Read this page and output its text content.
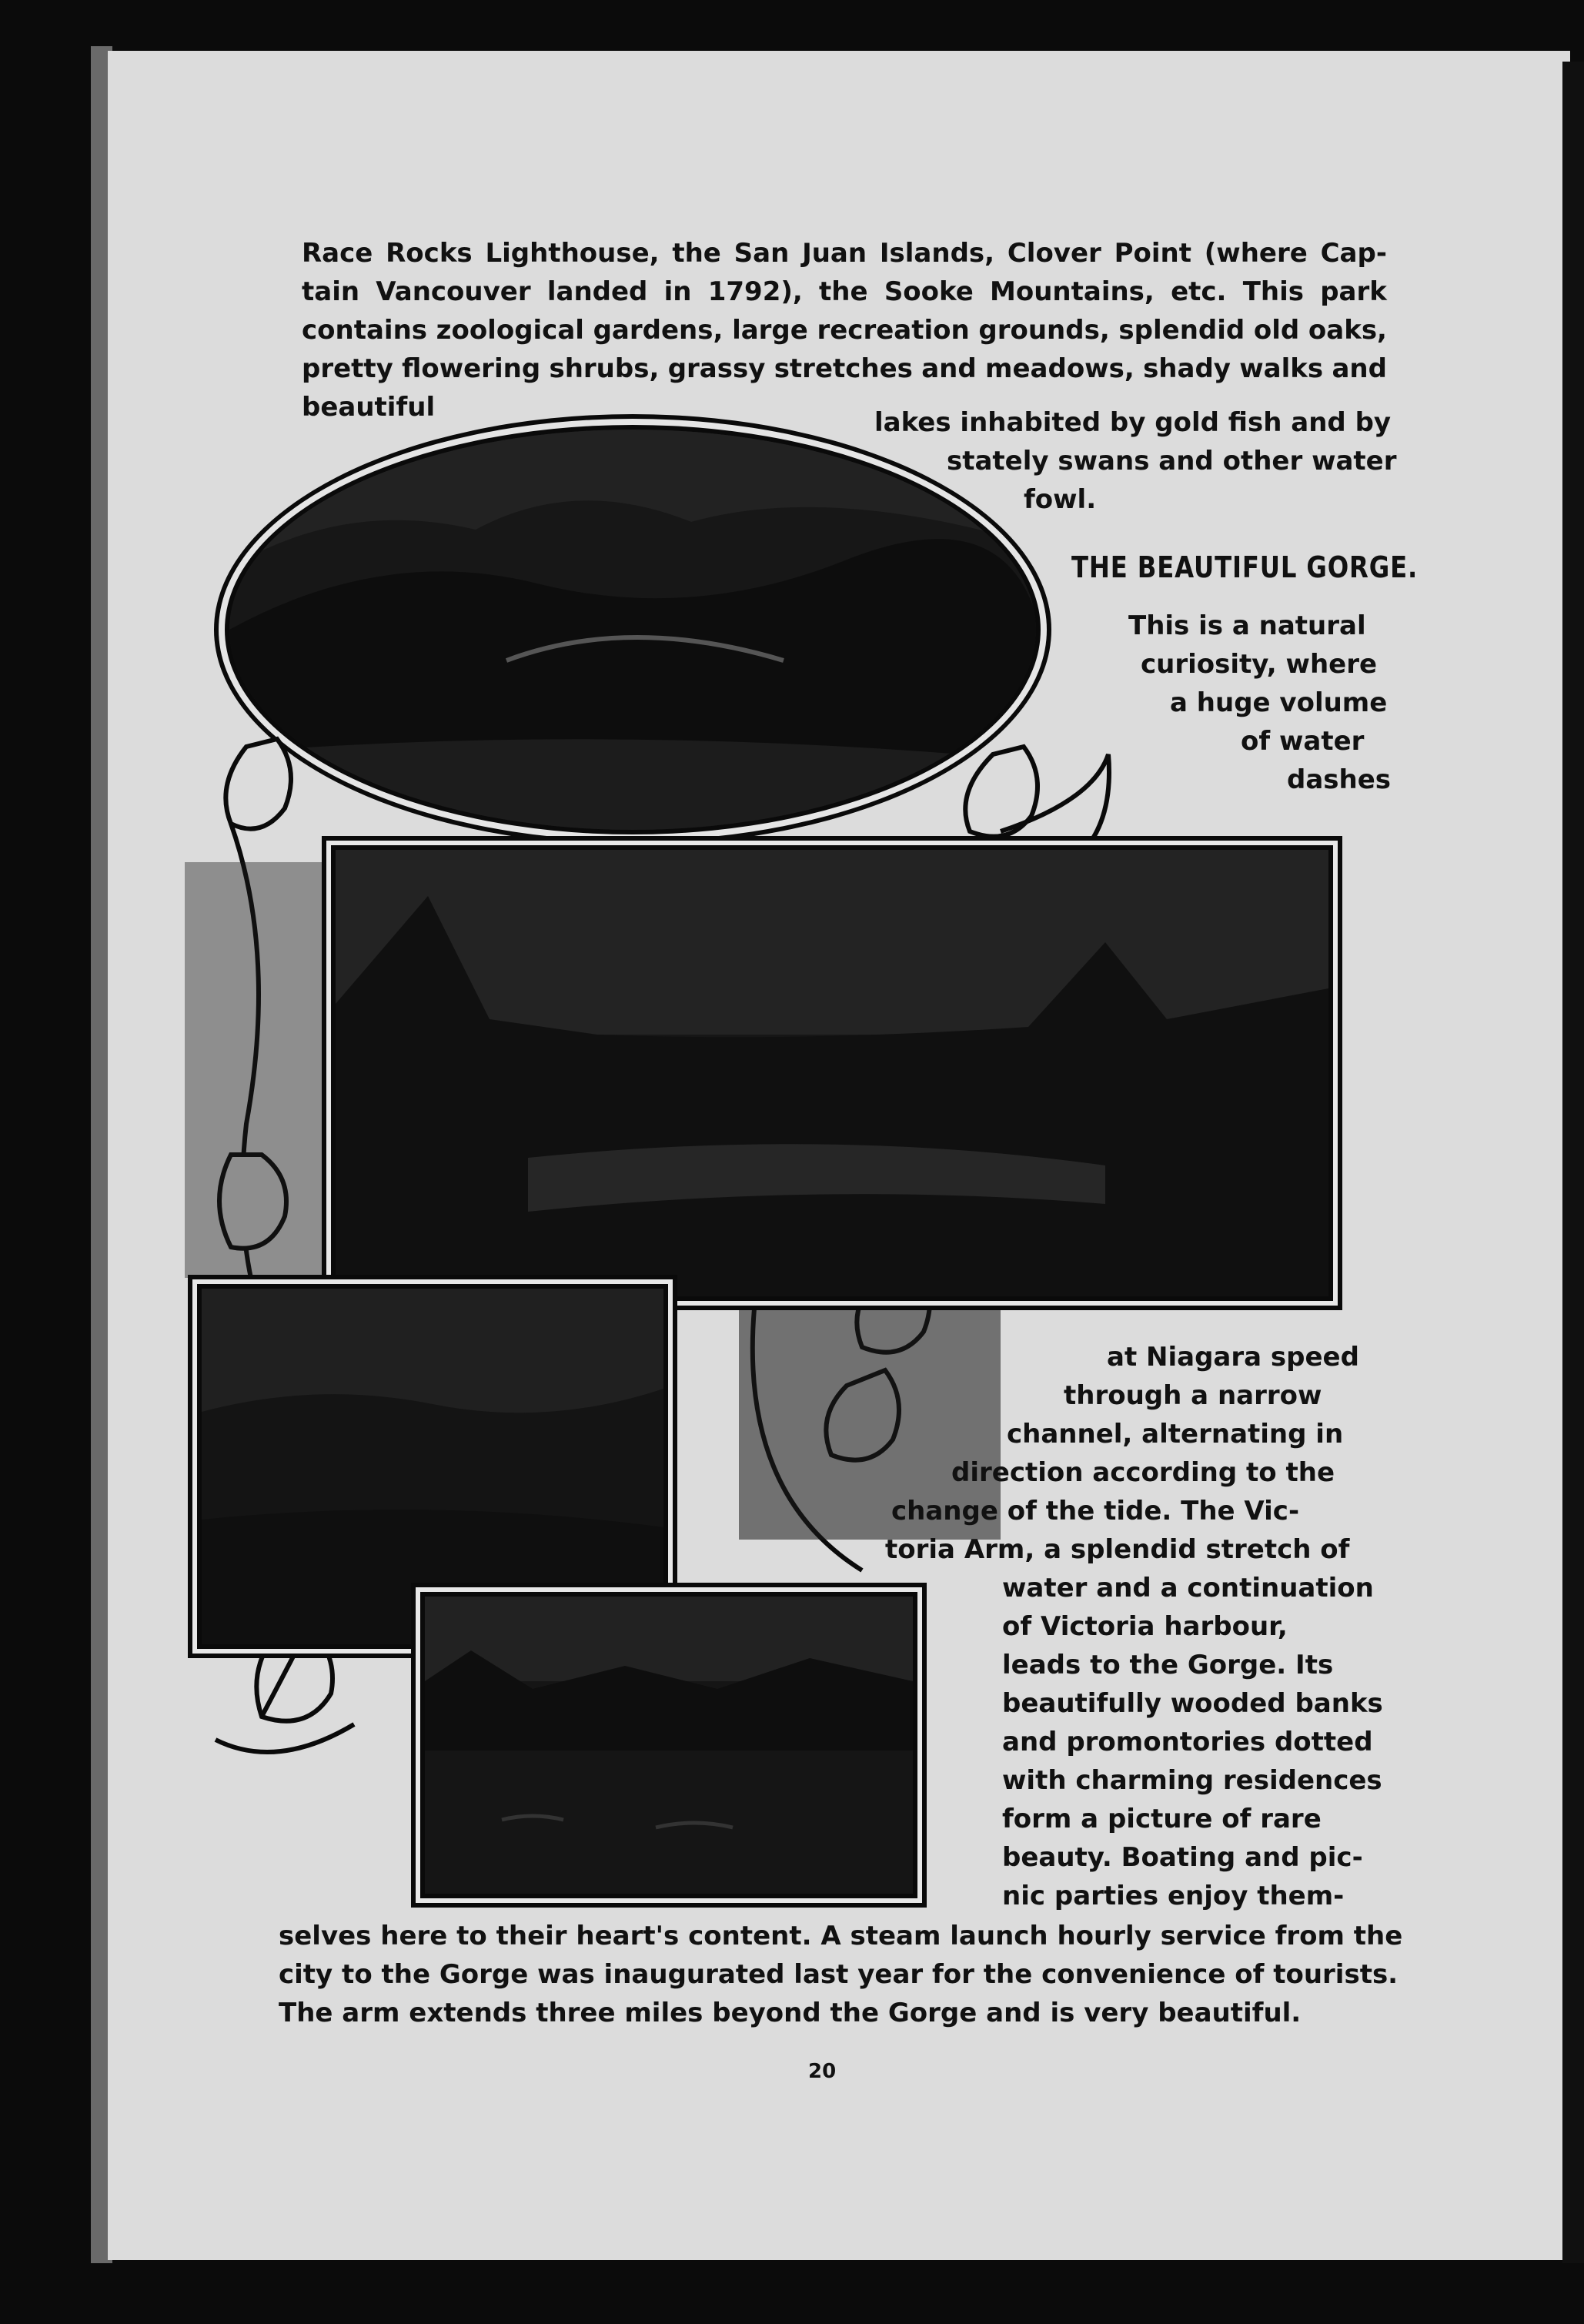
Race Rocks Lighthouse, the San Juan Islands, Clover Point (where Cap-
tain Vancouver landed in 1792), the Sooke Mountains, etc. This park
contains zoological gardens, large recreation grounds, splendid old oaks,
pretty flowering shrubs, grassy stretches and meadows, shady walks and
beautiful	lakes inhabited by gold fish and by
stately swans and other water
fowl.
THE BEAUTIFUL GORGE.
This is a natural
curiosity, where
a huge volume
of water
dashes
at Niagara speed
through a narrow
channel, alternating in
direction according to the
change of the tide. The Vic-
toria Arm, a splendid stretch of
water and a continuation
of Victoria harbour,
leads to the Gorge. Its
beautifully wooded banks
and promontories dotted
with charming residences
form a picture of rare
beauty. Boating and pic-
nic parties enjoy them-
selves here to their heart's content. A steam launch hourly service from the
city to the Gorge was inaugurated last year for the convenience of tourists.
The arm extends three miles beyond the Gorge and is very beautiful.
20
